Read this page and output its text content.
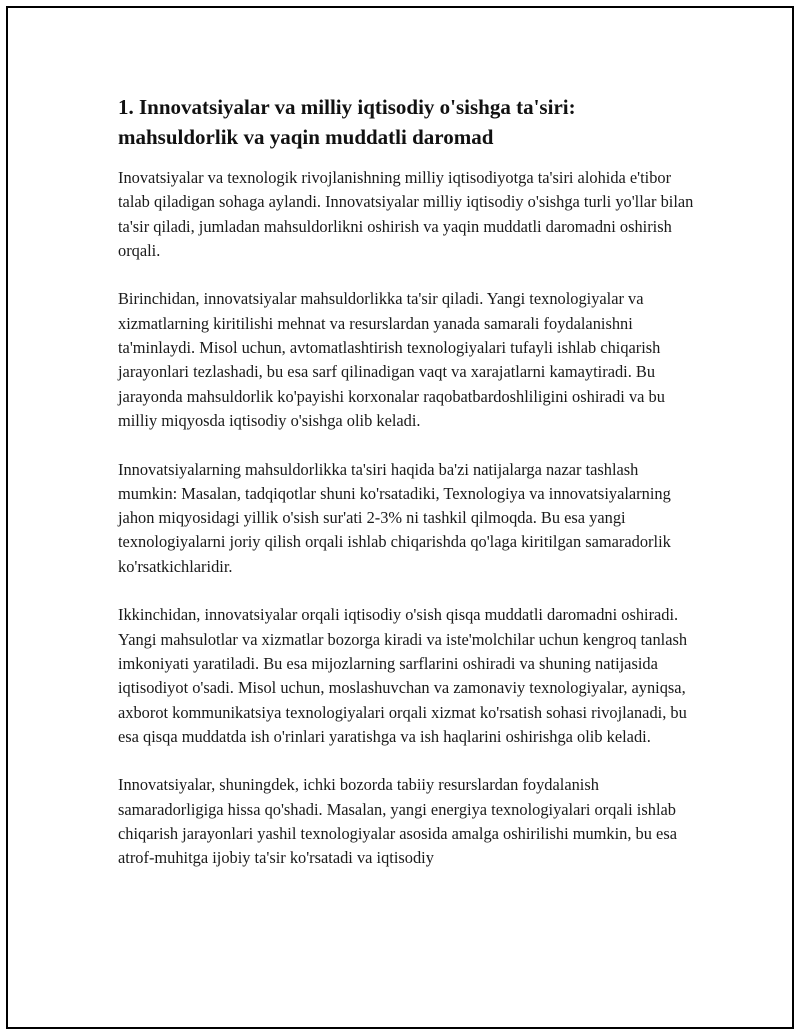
1. Innovatsiyalar va milliy iqtisodiy o'sishga ta'siri: mahsuldorlik va yaqin muddatli daromad

Inovatsiyalar va texnologik rivojlanishning milliy iqtisodiyotga ta'siri alohida e'tibor talab qiladigan sohaga aylandi. Innovatsiyalar milliy iqtisodiy o'sishga turli yo'llar bilan ta'sir qiladi, jumladan mahsuldorlikni oshirish va yaqin muddatli daromadni oshirish orqali.

Birinchidan, innovatsiyalar mahsuldorlikka ta'sir qiladi. Yangi texnologiyalar va xizmatlarning kiritilishi mehnat va resurslardan yanada samarali foydalanishni ta'minlaydi. Misol uchun, avtomatlashtirish texnologiyalari tufayli ishlab chiqarish jarayonlari tezlashadi, bu esa sarf qilinadigan vaqt va xarajatlarni kamaytiradi. Bu jarayonda mahsuldorlik ko'payishi korxonalar raqobatbardoshliligini oshiradi va bu milliy miqyosda iqtisodiy o'sishga olib keladi.

Innovatsiyalarning mahsuldorlikka ta'siri haqida ba'zi natijalarga nazar tashlash mumkin: Masalan, tadqiqotlar shuni ko'rsatadiki, Texnologiya va innovatsiyalarning jahon miqyosidagi yillik o'sish sur'ati 2-3% ni tashkil qilmoqda. Bu esa yangi texnologiyalarni joriy qilish orqali ishlab chiqarishda qo'laga kiritilgan samaradorlik ko'rsatkichlaridir.

Ikkinchidan, innovatsiyalar orqali iqtisodiy o'sish qisqa muddatli daromadni oshiradi. Yangi mahsulotlar va xizmatlar bozorga kiradi va iste'molchilar uchun kengroq tanlash imkoniyati yaratiladi. Bu esa mijozlarning sarflarini oshiradi va shuning natijasida iqtisodiyot o'sadi. Misol uchun, moslashuvchan va zamonaviy texnologiyalar, ayniqsa, axborot kommunikatsiya texnologiyalari orqali xizmat ko'rsatish sohasi rivojlanadi, bu esa qisqa muddatda ish o'rinlari yaratishga va ish haqlarini oshirishga olib keladi.

Innovatsiyalar, shuningdek, ichki bozorda tabiiy resurslardan foydalanish samaradorligiga hissa qo'shadi. Masalan, yangi energiya texnologiyalari orqali ishlab chiqarish jarayonlari yashil texnologiyalar asosida amalga oshirilishi mumkin, bu esa atrof-muhitga ijobiy ta'sir ko'rsatadi va iqtisodiy
